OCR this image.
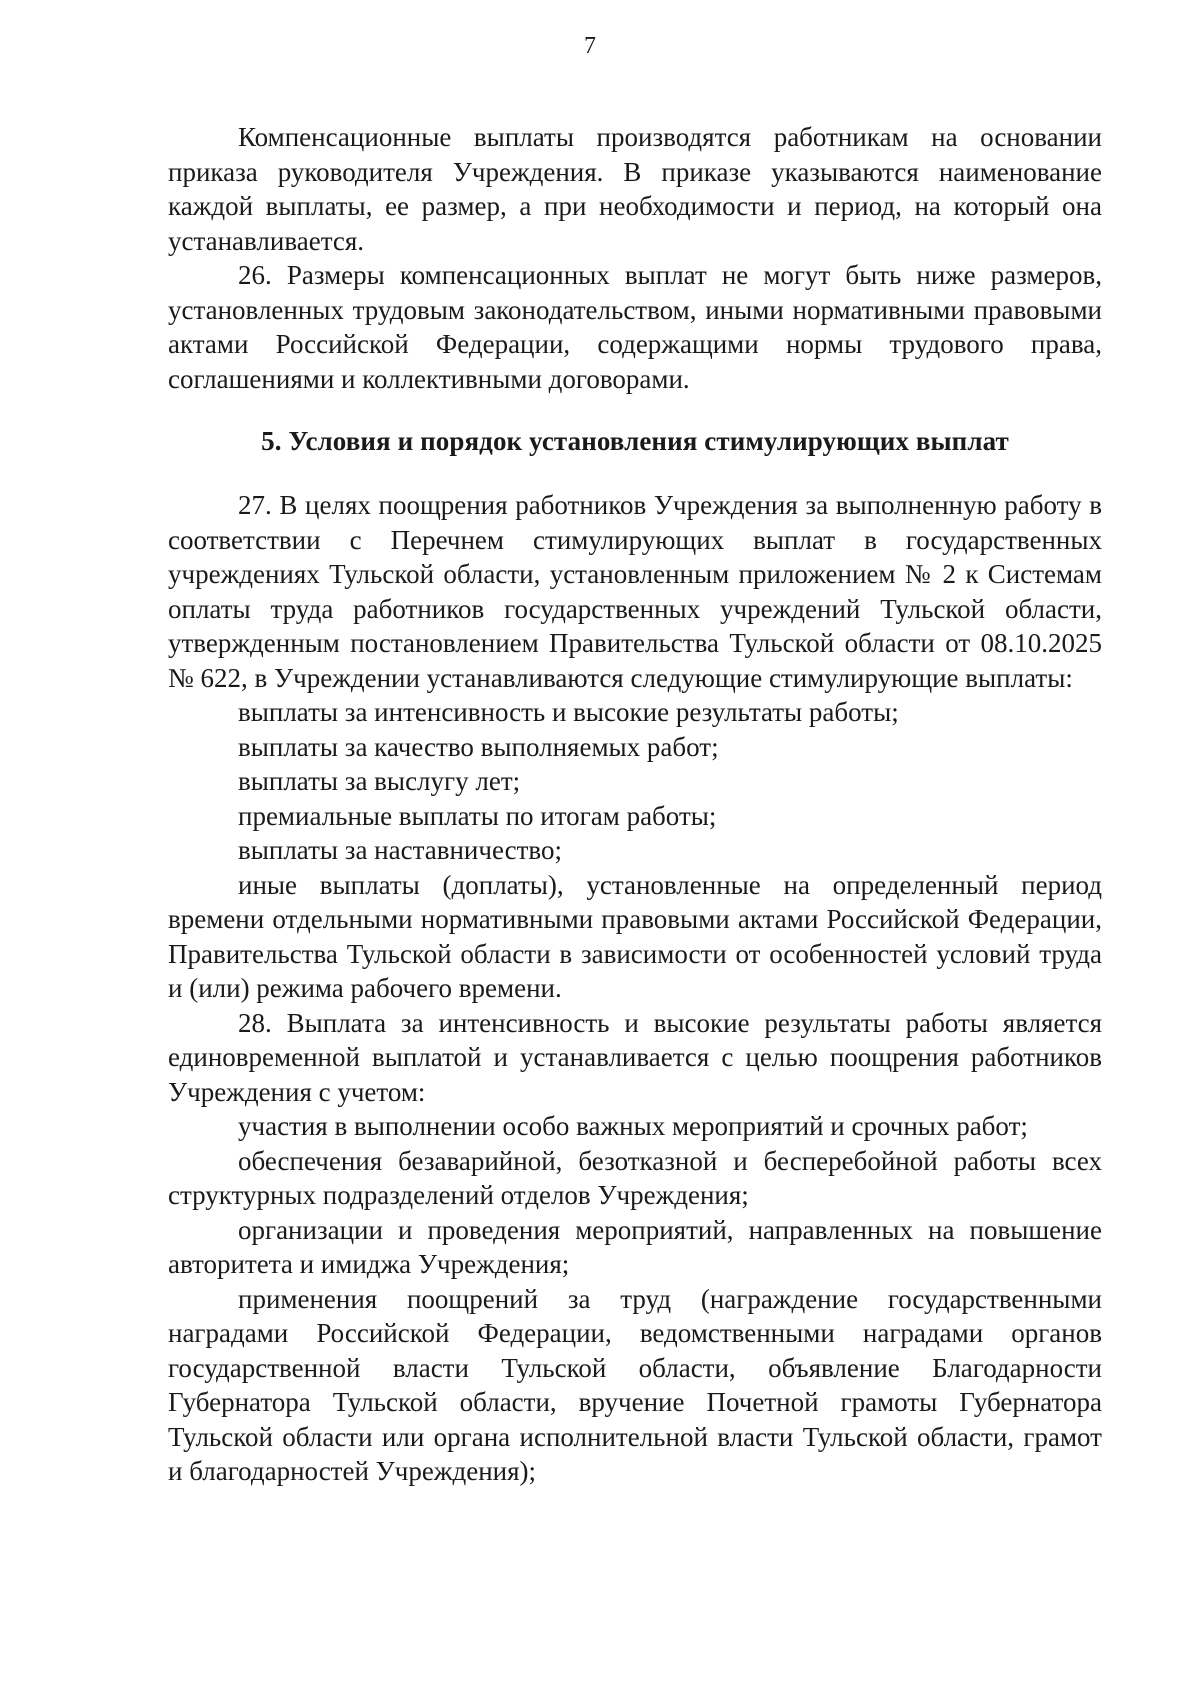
7

Компенсационные выплаты производятся работникам на основании приказа руководителя Учреждения. В приказе указываются наименование каждой выплаты, ее размер, а при необходимости и период, на который она устанавливается.

26. Размеры компенсационных выплат не могут быть ниже размеров, установленных трудовым законодательством, иными нормативными правовыми актами Российской Федерации, содержащими нормы трудового права, соглашениями и коллективными договорами.

5. Условия и порядок установления стимулирующих выплат

27. В целях поощрения работников Учреждения за выполненную работу в соответствии с Перечнем стимулирующих выплат в государственных учреждениях Тульской области, установленным приложением № 2 к Системам оплаты труда работников государственных учреждений Тульской области, утвержденным постановлением Правительства Тульской области от 08.10.2025 № 622, в Учреждении устанавливаются следующие стимулирующие выплаты:

выплаты за интенсивность и высокие результаты работы;

выплаты за качество выполняемых работ;

выплаты за выслугу лет;

премиальные выплаты по итогам работы;

выплаты за наставничество;

иные выплаты (доплаты), установленные на определенный период времени отдельными нормативными правовыми актами Российской Федерации, Правительства Тульской области в зависимости от особенностей условий труда и (или) режима рабочего времени.

28. Выплата за интенсивность и высокие результаты работы является единовременной выплатой и устанавливается с целью поощрения работников Учреждения с учетом:

участия в выполнении особо важных мероприятий и срочных работ;

обеспечения безаварийной, безотказной и бесперебойной работы всех структурных подразделений отделов Учреждения;

организации и проведения мероприятий, направленных на повышение авторитета и имиджа Учреждения;

применения поощрений за труд (награждение государственными наградами Российской Федерации, ведомственными наградами органов государственной власти Тульской области, объявление Благодарности Губернатора Тульской области, вручение Почетной грамоты Губернатора Тульской области или органа исполнительной власти Тульской области, грамот и благодарностей Учреждения);
